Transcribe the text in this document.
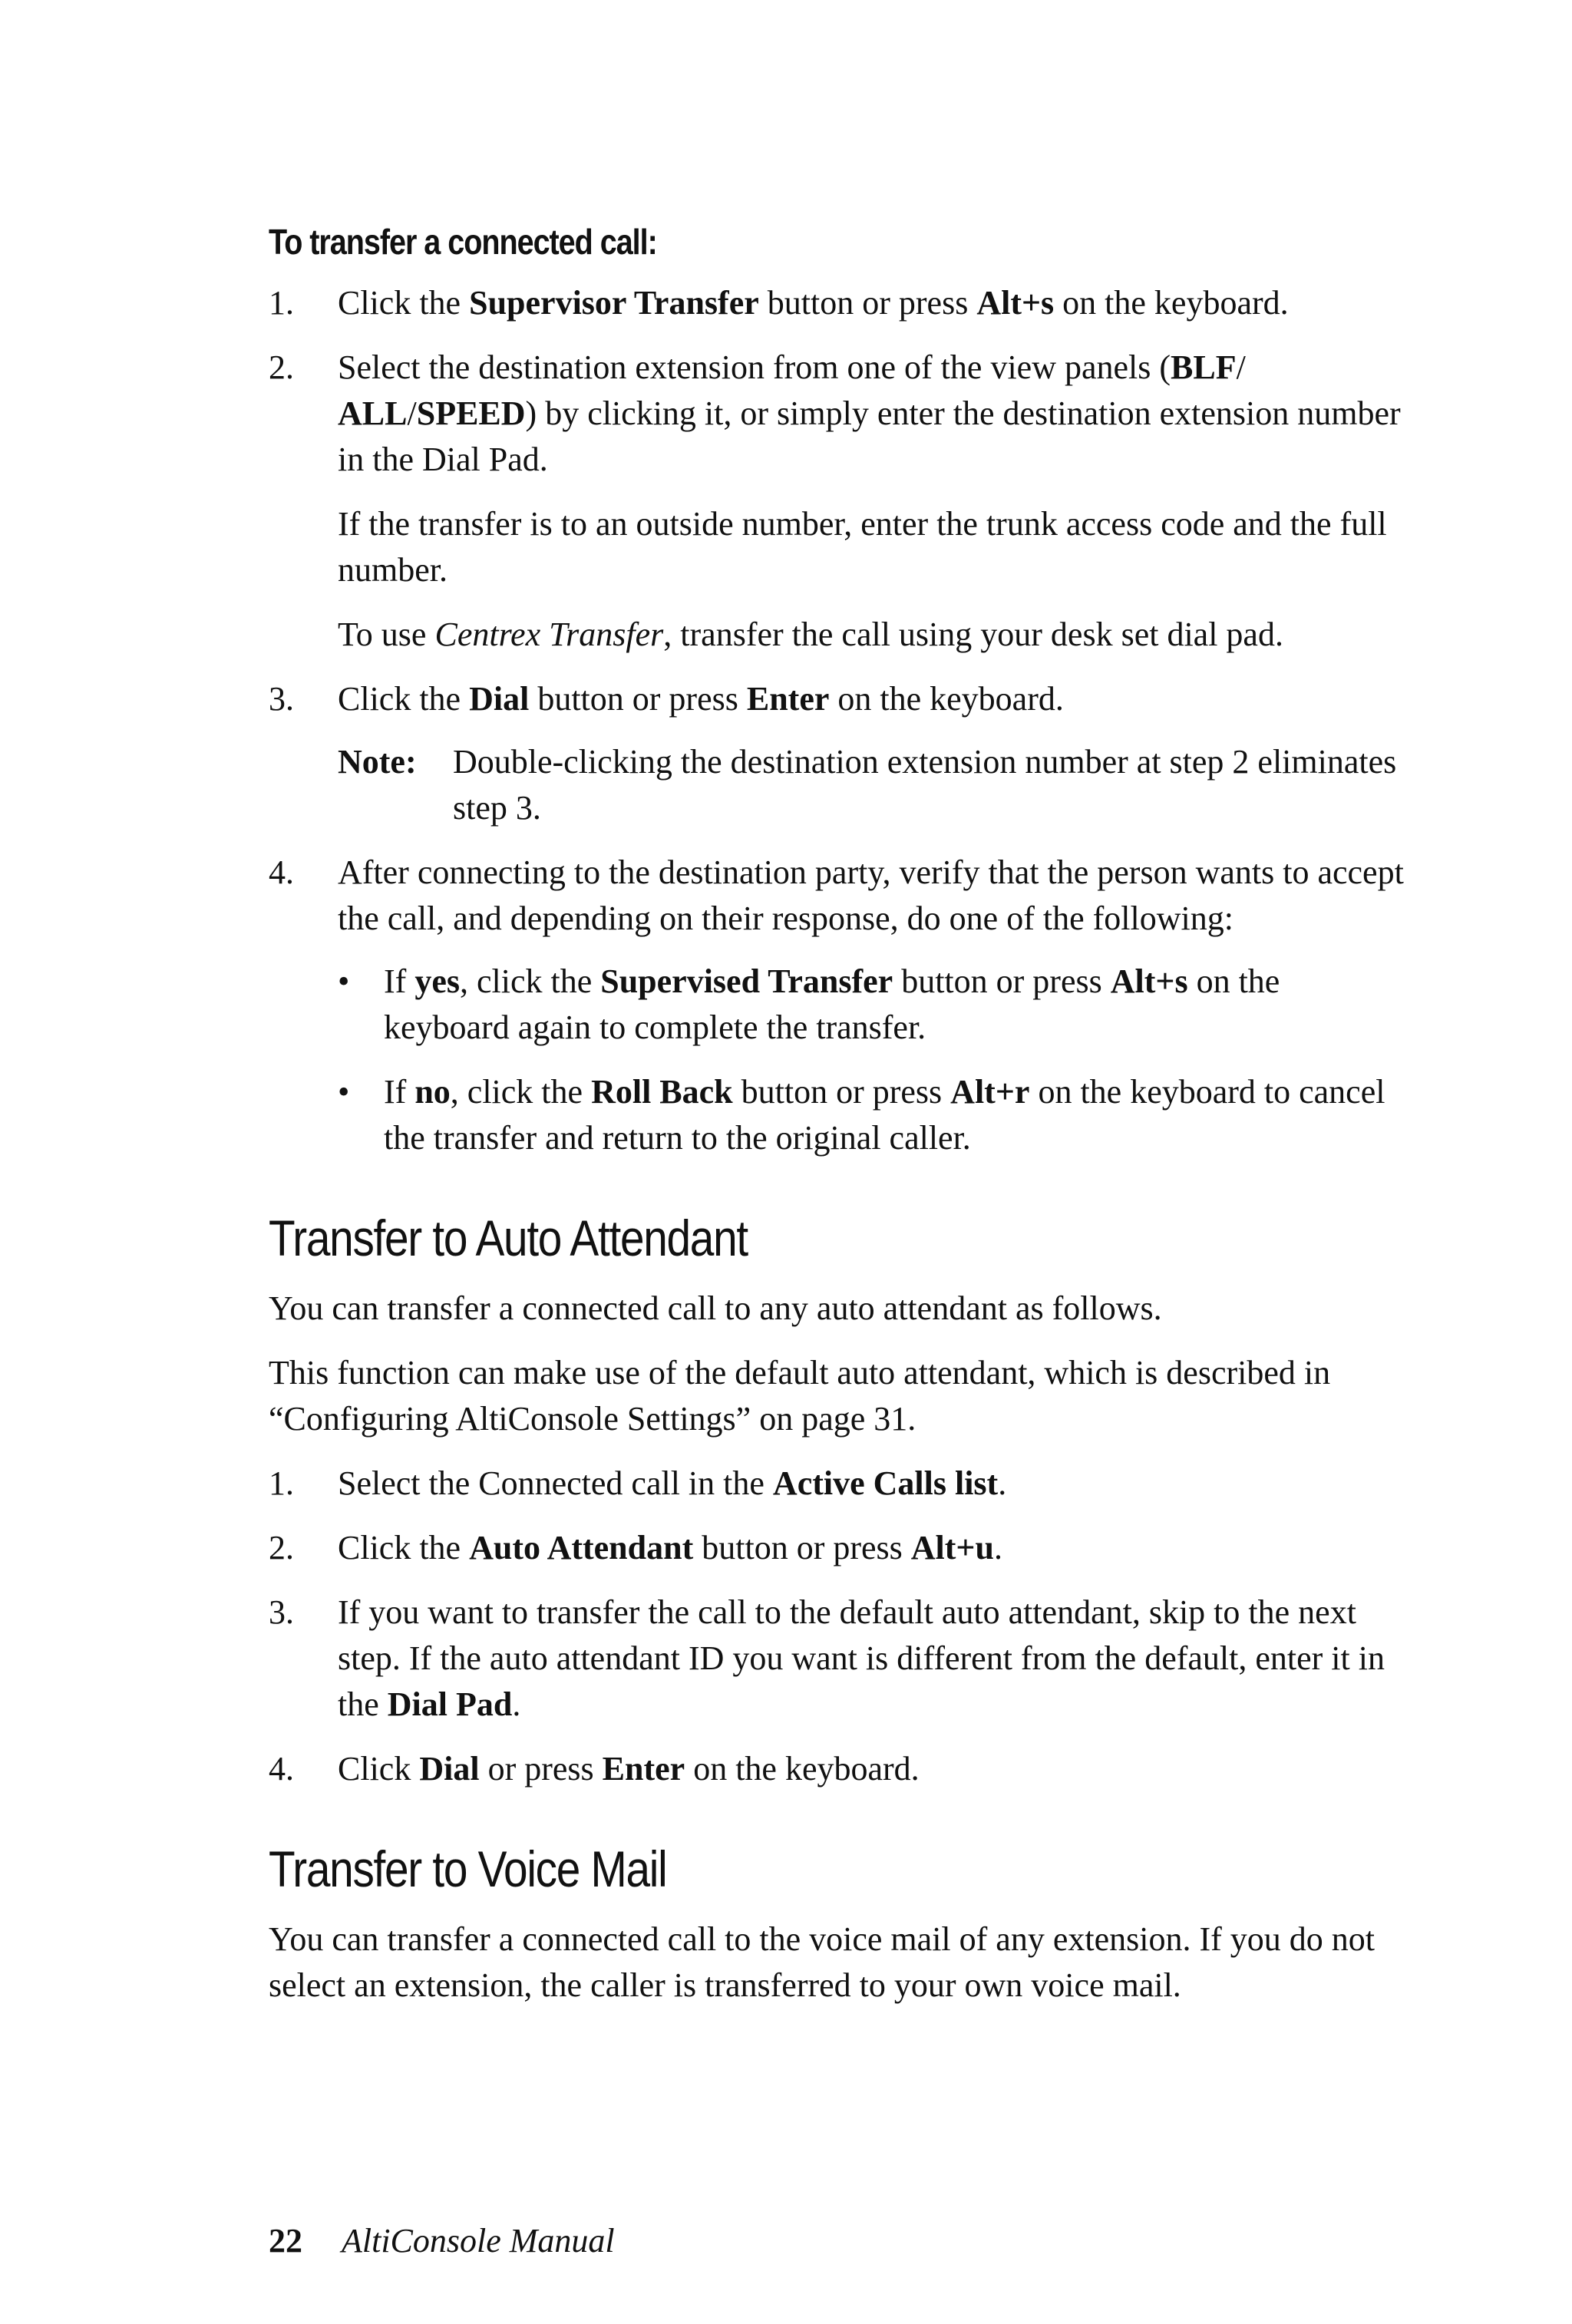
To transfer a connected call:
1. Click the Supervisor Transfer button or press Alt+s on the keyboard.
2. Select the destination extension from one of the view panels (BLF/ ALL/SPEED) by clicking it, or simply enter the destination extension number in the Dial Pad.

If the transfer is to an outside number, enter the trunk access code and the full number.

To use Centrex Transfer, transfer the call using your desk set dial pad.

3. Click the Dial button or press Enter on the keyboard.
Note:	Double-clicking the destination extension number at step 2 eliminates step 3.
4. After connecting to the destination party, verify that the person wants to accept the call, and depending on their response, do one of the following:
• If yes, click the Supervised Transfer button or press Alt+s on the keyboard again to complete the transfer.
• If no, click the Roll Back button or press Alt+r on the keyboard to cancel the transfer and return to the original caller.
Transfer to Auto Attendant

You can transfer a connected call to any auto attendant as follows.

This function can make use of the default auto attendant, which is described in “Configuring AltiConsole Settings” on page 31.

1. Select the Connected call in the Active Calls list.
2. Click the Auto Attendant button or press Alt+u.
3. If you want to transfer the call to the default auto attendant, skip to the next step. If the auto attendant ID you want is different from the default, enter it in the Dial Pad.
4. Click Dial or press Enter on the keyboard.
Transfer to Voice Mail

You can transfer a connected call to the voice mail of any extension. If you do not select an extension, the caller is transferred to your own voice mail.

22 AltiConsole Manual
